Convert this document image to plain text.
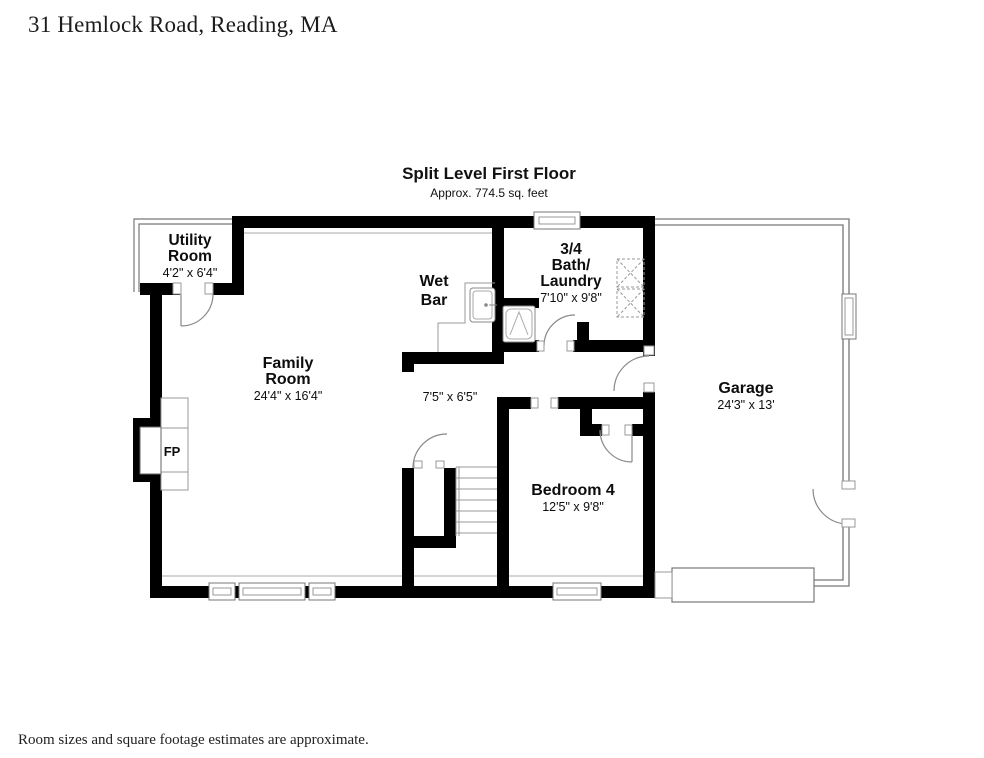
31 Hemlock Road, Reading, MA
Split Level First Floor
Approx. 774.5 sq. feet
Utility
Room
4'2" x 6'4"	Wet
Bar
3/4
Bath/
Laundry
7'10" x 9'8"
Family
Room
24'4" x 16'4"	7'5" x 6'5"
Bedroom 4
12'5" x 9'8"
Garage
24'3" x 13'
FP
Room sizes and square footage estimates are approximate.
